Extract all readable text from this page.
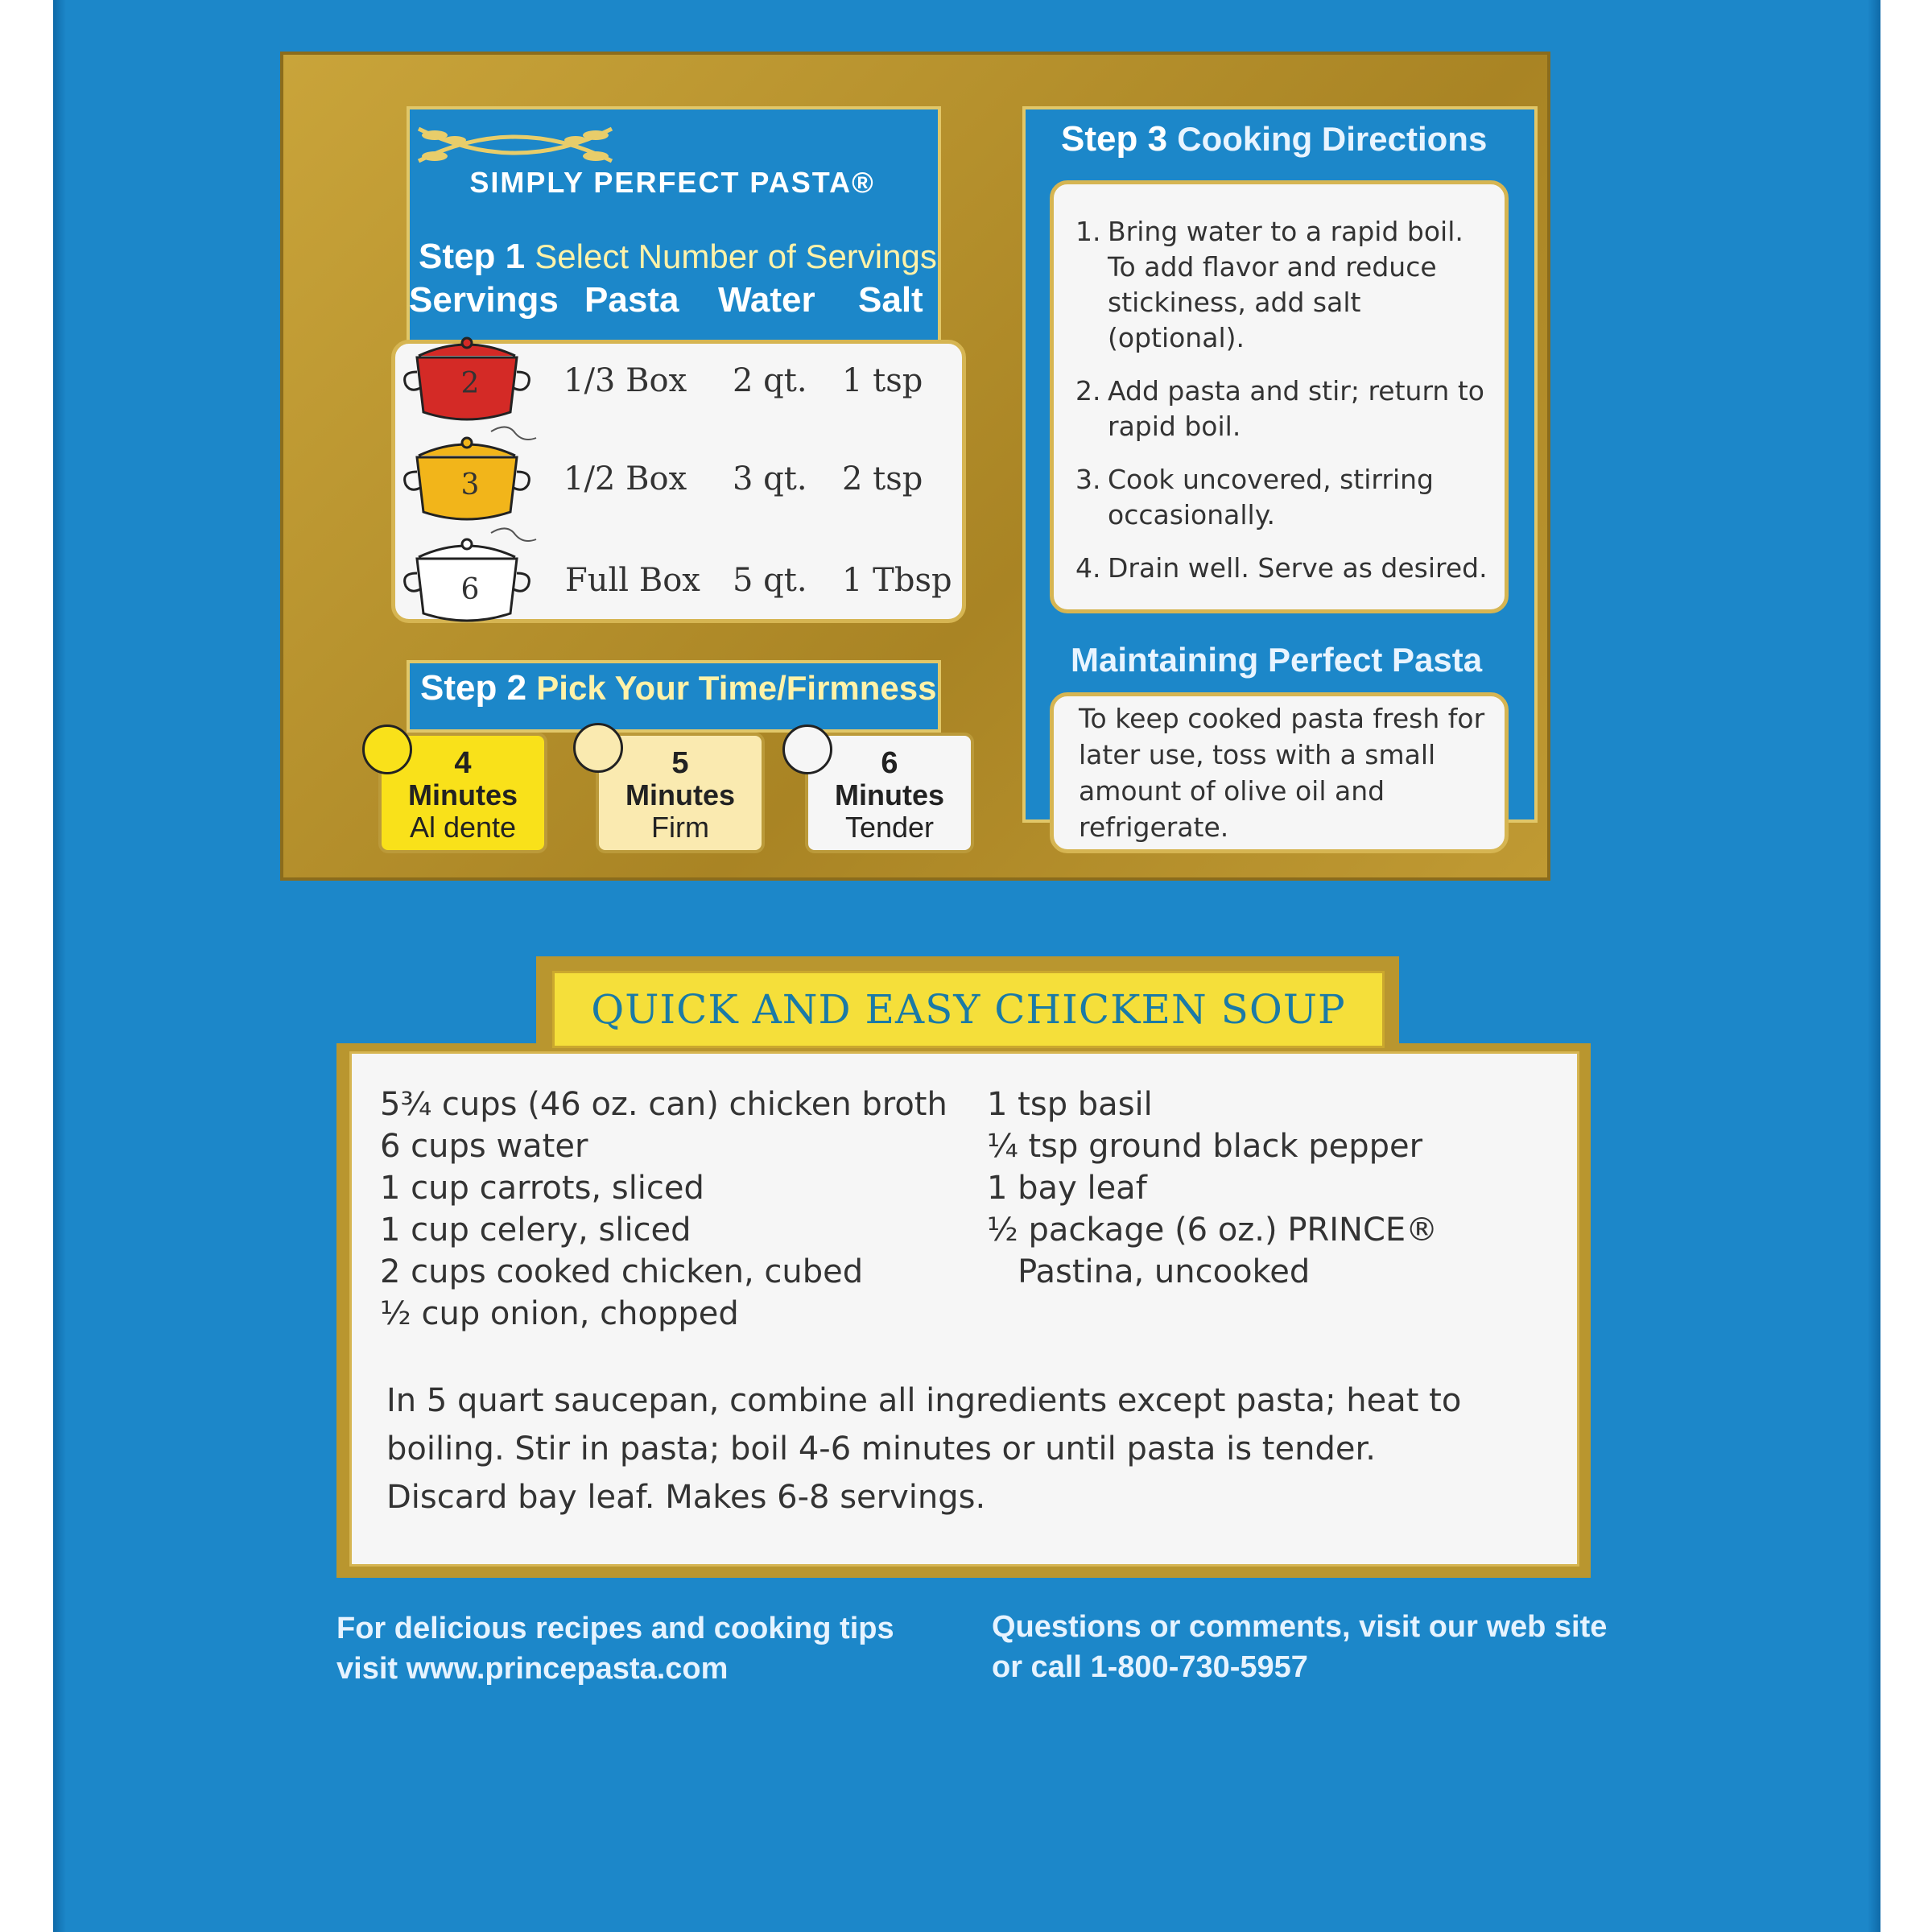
SIMPLY PERFECT PASTA®
Step 1 Select Number of Servings
Servings Pasta Water Salt
2
3
6
1/3 Box 2 qt. 1 tsp
1/2 Box 3 qt. 2 tsp
Full Box 5 qt. 1 Tbsp
Step 2 Pick Your Time/Firmness
4
Minutes
Al dente
5
Minutes
Firm
6
Minutes
Tender
Step 3 Cooking Directions
1. Bring water to a rapid boil. To add flavor and reduce stickiness, add salt (optional).
2. Add pasta and stir; return to rapid boil.
3. Cook uncovered, stirring occasionally.
4. Drain well. Serve as desired.
Maintaining Perfect Pasta
To keep cooked pasta fresh for later use, toss with a small amount of olive oil and refrigerate.
QUICK AND EASY CHICKEN SOUP
5¾ cups (46 oz. can) chicken broth
6 cups water
1 cup carrots, sliced
1 cup celery, sliced
2 cups cooked chicken, cubed
½ cup onion, chopped
1 tsp basil
¼ tsp ground black pepper
1 bay leaf
½ package (6 oz.) PRINCE®
Pastina, uncooked
In 5 quart saucepan, combine all ingredients except pasta; heat to boiling. Stir in pasta; boil 4-6 minutes or until pasta is tender. Discard bay leaf. Makes 6-8 servings.
For delicious recipes and cooking tips
visit www.princepasta.com
Questions or comments, visit our web site
or call 1-800-730-5957
